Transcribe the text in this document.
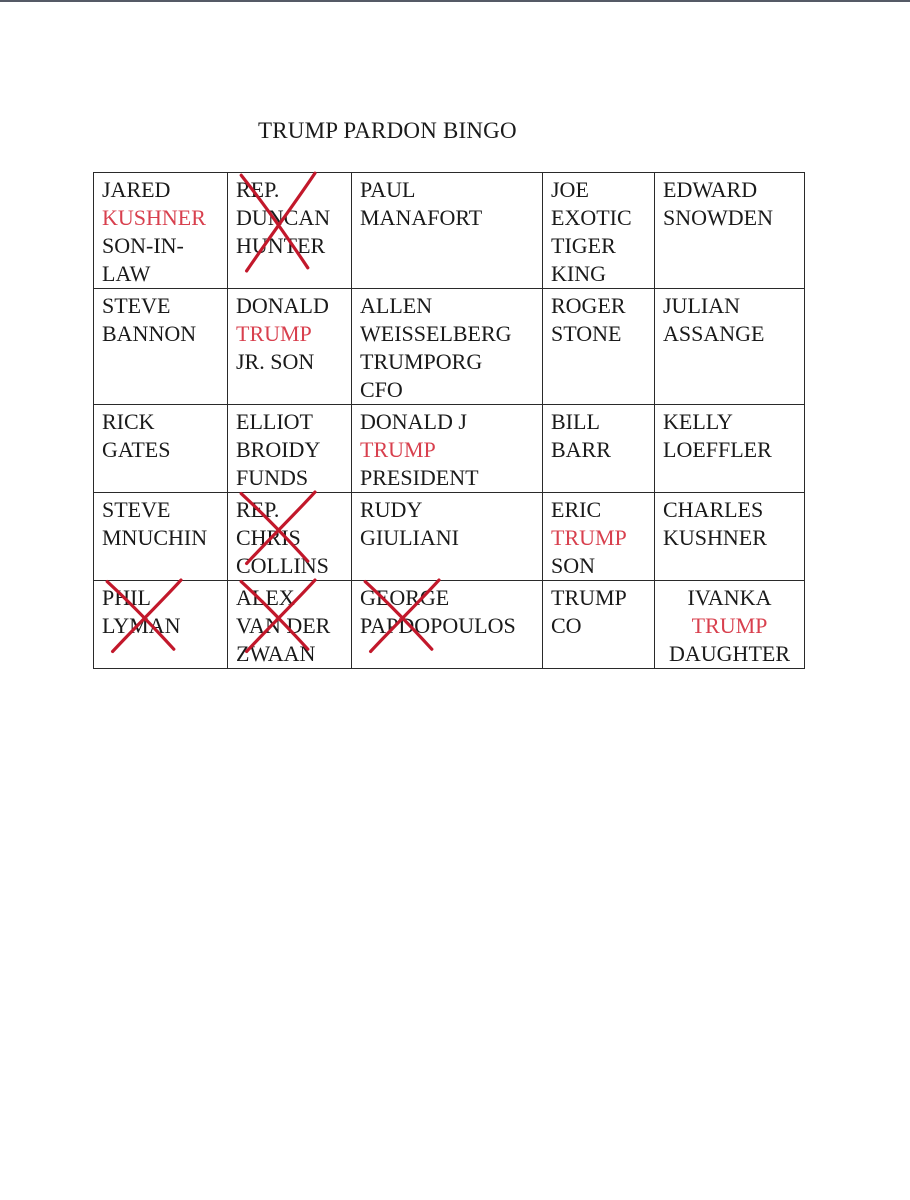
TRUMP PARDON BINGO
JARED
KUSHNER
SON-IN-
LAW	REP.
DUNCAN
HUNTER	PAUL
MANAFORT	JOE
EXOTIC
TIGER
KING	EDWARD
SNOWDEN

STEVE
BANNON	DONALD
TRUMP
JR. SON	ALLEN
WEISSELBERG
TRUMPORG
CFO	ROGER
STONE	JULIAN
ASSANGE

RICK
GATES	ELLIOT
BROIDY
FUNDS	DONALD J
TRUMP
PRESIDENT	BILL
BARR	KELLY
LOEFFLER

STEVE
MNUCHIN	REP.
CHRIS
COLLINS	RUDY
GIULIANI	ERIC
TRUMP
SON	CHARLES
KUSHNER

PHIL
LYMAN	ALEX
VAN DER
ZWAAN	GEORGE
PAPDOPOULOS	TRUMP
CO	IVANKA
TRUMP
DAUGHTER
